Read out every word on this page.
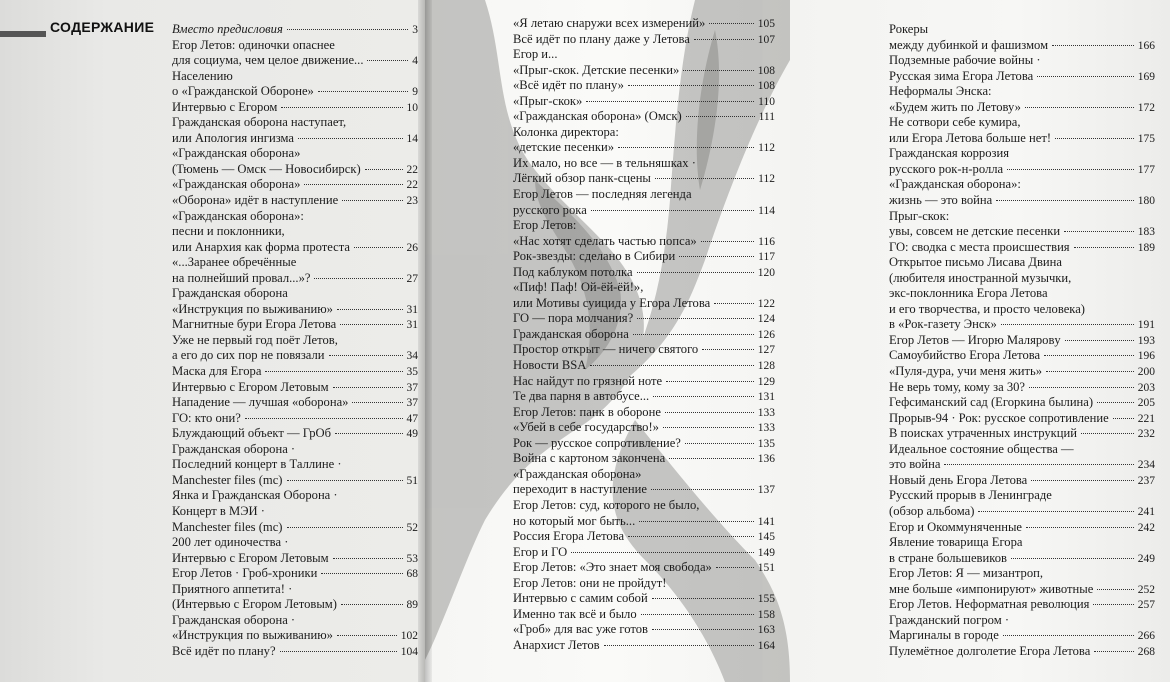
СОДЕРЖАНИЕ	Вместо предисловия	3
Егор Летов: одиночки опаснее
для социума, чем целое движение...	4
Населению
о «Гражданской Обороне»	9
Интервью с Егором	10
Гражданская оборона наступает,
или Апология ингизма	14
«Гражданская оборона»
(Тюмень — Омск — Новосибирск)	22
«Гражданская оборона»	22
«Оборона» идёт в наступление	23
«Гражданская оборона»:
песни и поклонники,
или Анархия как форма протеста	26
«...Заранее обречённые
на полнейший провал...»?	27
Гражданская оборона
«Инструкция по выживанию»	31
Магнитные бури Егора Летова	31
Уже не первый год поёт Летов,
а его до сих пор не повязали	34
Маска для Егора	35
Интервью с Егором Летовым	37
Нападение — лучшая «оборона»	37
ГО: кто они?	47
Блуждающий объект — ГрОб	49
Гражданская оборона ·
Последний концерт в Таллине ·
Manchester files (mc)	51
Янка и Гражданская Оборона ·
Концерт в МЭИ ·
Manchester files (mc)	52
200 лет одиночества ·
Интервью с Егором Летовым	53
Егор Летов · Гроб-хроники	68
Приятного аппетита! ·
(Интервью с Егором Летовым)	89
Гражданская оборона ·
«Инструкция по выживанию»	102
Всё идёт по плану?	104
«Я летаю снаружи всех измерений»	105
Всё идёт по плану даже у Летова	107
Егор и...
«Прыг-скок. Детские песенки»	108
«Всё идёт по плану»	108
«Прыг-скок»	110
«Гражданская оборона» (Омск)	111
Колонка директора:
«детские песенки»	112
Их мало, но все — в тельняшках ·
Лёгкий обзор панк-сцены	112
Егор Летов — последняя легенда
русского рока	114
Егор Летов:
«Нас хотят сделать частью попса»	116
Рок-звезды: сделано в Сибири	117
Под каблуком потолка	120
«Пиф! Паф! Ой-ёй-ёй!»,
или Мотивы суицида у Егора Летова	122
ГО — пора молчания?	124
Гражданская оборона	126
Простор открыт — ничего святого	127
Новости BSA	128
Нас найдут по грязной ноте	129
Те два парня в автобусе...	131
Егор Летов: панк в обороне	133
«Убей в себе государство!»	133
Рок — русское сопротивление?	135
Война с картоном закончена	136
«Гражданская оборона»
переходит в наступление	137
Егор Летов: суд, которого не было,
но который мог быть...	141
Россия Егора Летова	145
Егор и ГО	149
Егор Летов: «Это знает моя свобода»	151
Егор Летов: они не пройдут!
Интервью с самим собой	155
Именно так всё и было	158
«Гроб» для вас уже готов	163
Анархист Летов	164
Рокеры
между дубинкой и фашизмом	166
Подземные рабочие войны ·
Русская зима Егора Летова	169
Неформалы Энска:
«Будем жить по Летову»	172
Не сотвори себе кумира,
или Егора Летова больше нет!	175
Гражданская коррозия
русского рок-н-ролла	177
«Гражданская оборона»:
жизнь — это война	180
Прыг-скок:
увы, совсем не детские песенки	183
ГО: сводка с места происшествия	189
Открытое письмо Лисава Двина
(любителя иностранной музычки,
экс-поклонника Егора Летова
и его творчества, и просто человека)
в «Рок-газету Энск»	191
Егор Летов — Игорю Маляровy	193
Самоубийство Егора Летова	196
«Пуля-дура, учи меня жить»	200
Не верь тому, кому за 30?	203
Гефсиманский сад (Егоркина былина)	205
Прорыв-94 · Рок: русское сопротивление	221
В поисках утраченных инструкций	232
Идеальное состояние общества —
это война	234
Новый день Егора Летова	237
Русский прорыв в Ленинграде
(обзор альбома)	241
Егор и Окоммуняченные	242
Явление товарища Егора
в стране большевиков	249
Егор Летов: Я — мизантроп,
мне больше «импонируют» животные	252
Егор Летов. Неформатная революция	257
Гражданский погром ·
Маргиналы в городе	266
Пулемётное долголетие Егора Летова	268
